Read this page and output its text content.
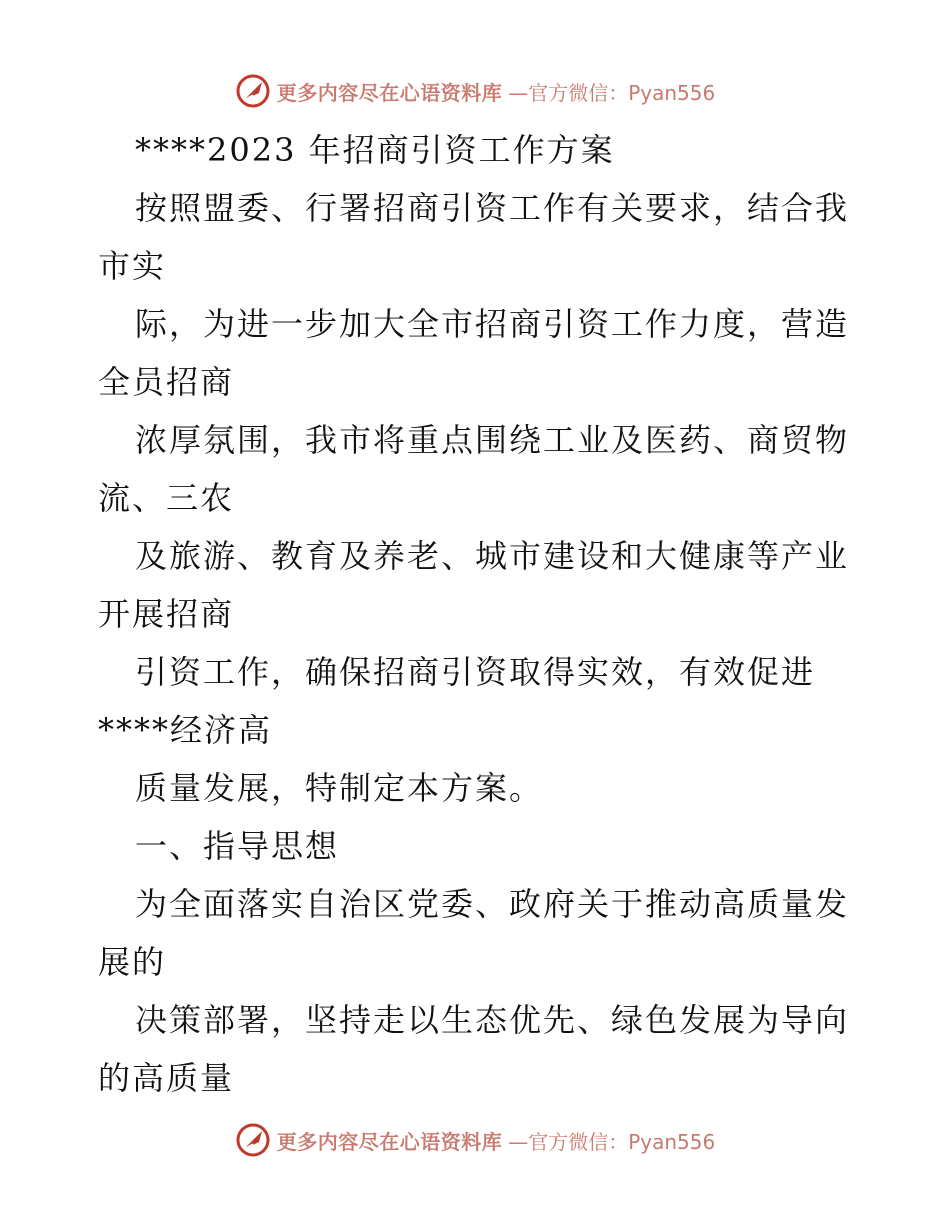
更多内容尽在心语资料库 —官方微信：Pyan556
****2023 年招商引资工作方案
按照盟委、行署招商引资工作有关要求，结合我
市实
际，为进一步加大全市招商引资工作力度，营造
全员招商
浓厚氛围，我市将重点围绕工业及医药、商贸物
流、三农
及旅游、教育及养老、城市建设和大健康等产业
开展招商
引资工作，确保招商引资取得实效，有效促进
****经济高
质量发展，特制定本方案。
一、指导思想
为全面落实自治区党委、政府关于推动高质量发
展的
决策部署，坚持走以生态优先、绿色发展为导向
的高质量
更多内容尽在心语资料库 —官方微信：Pyan556
